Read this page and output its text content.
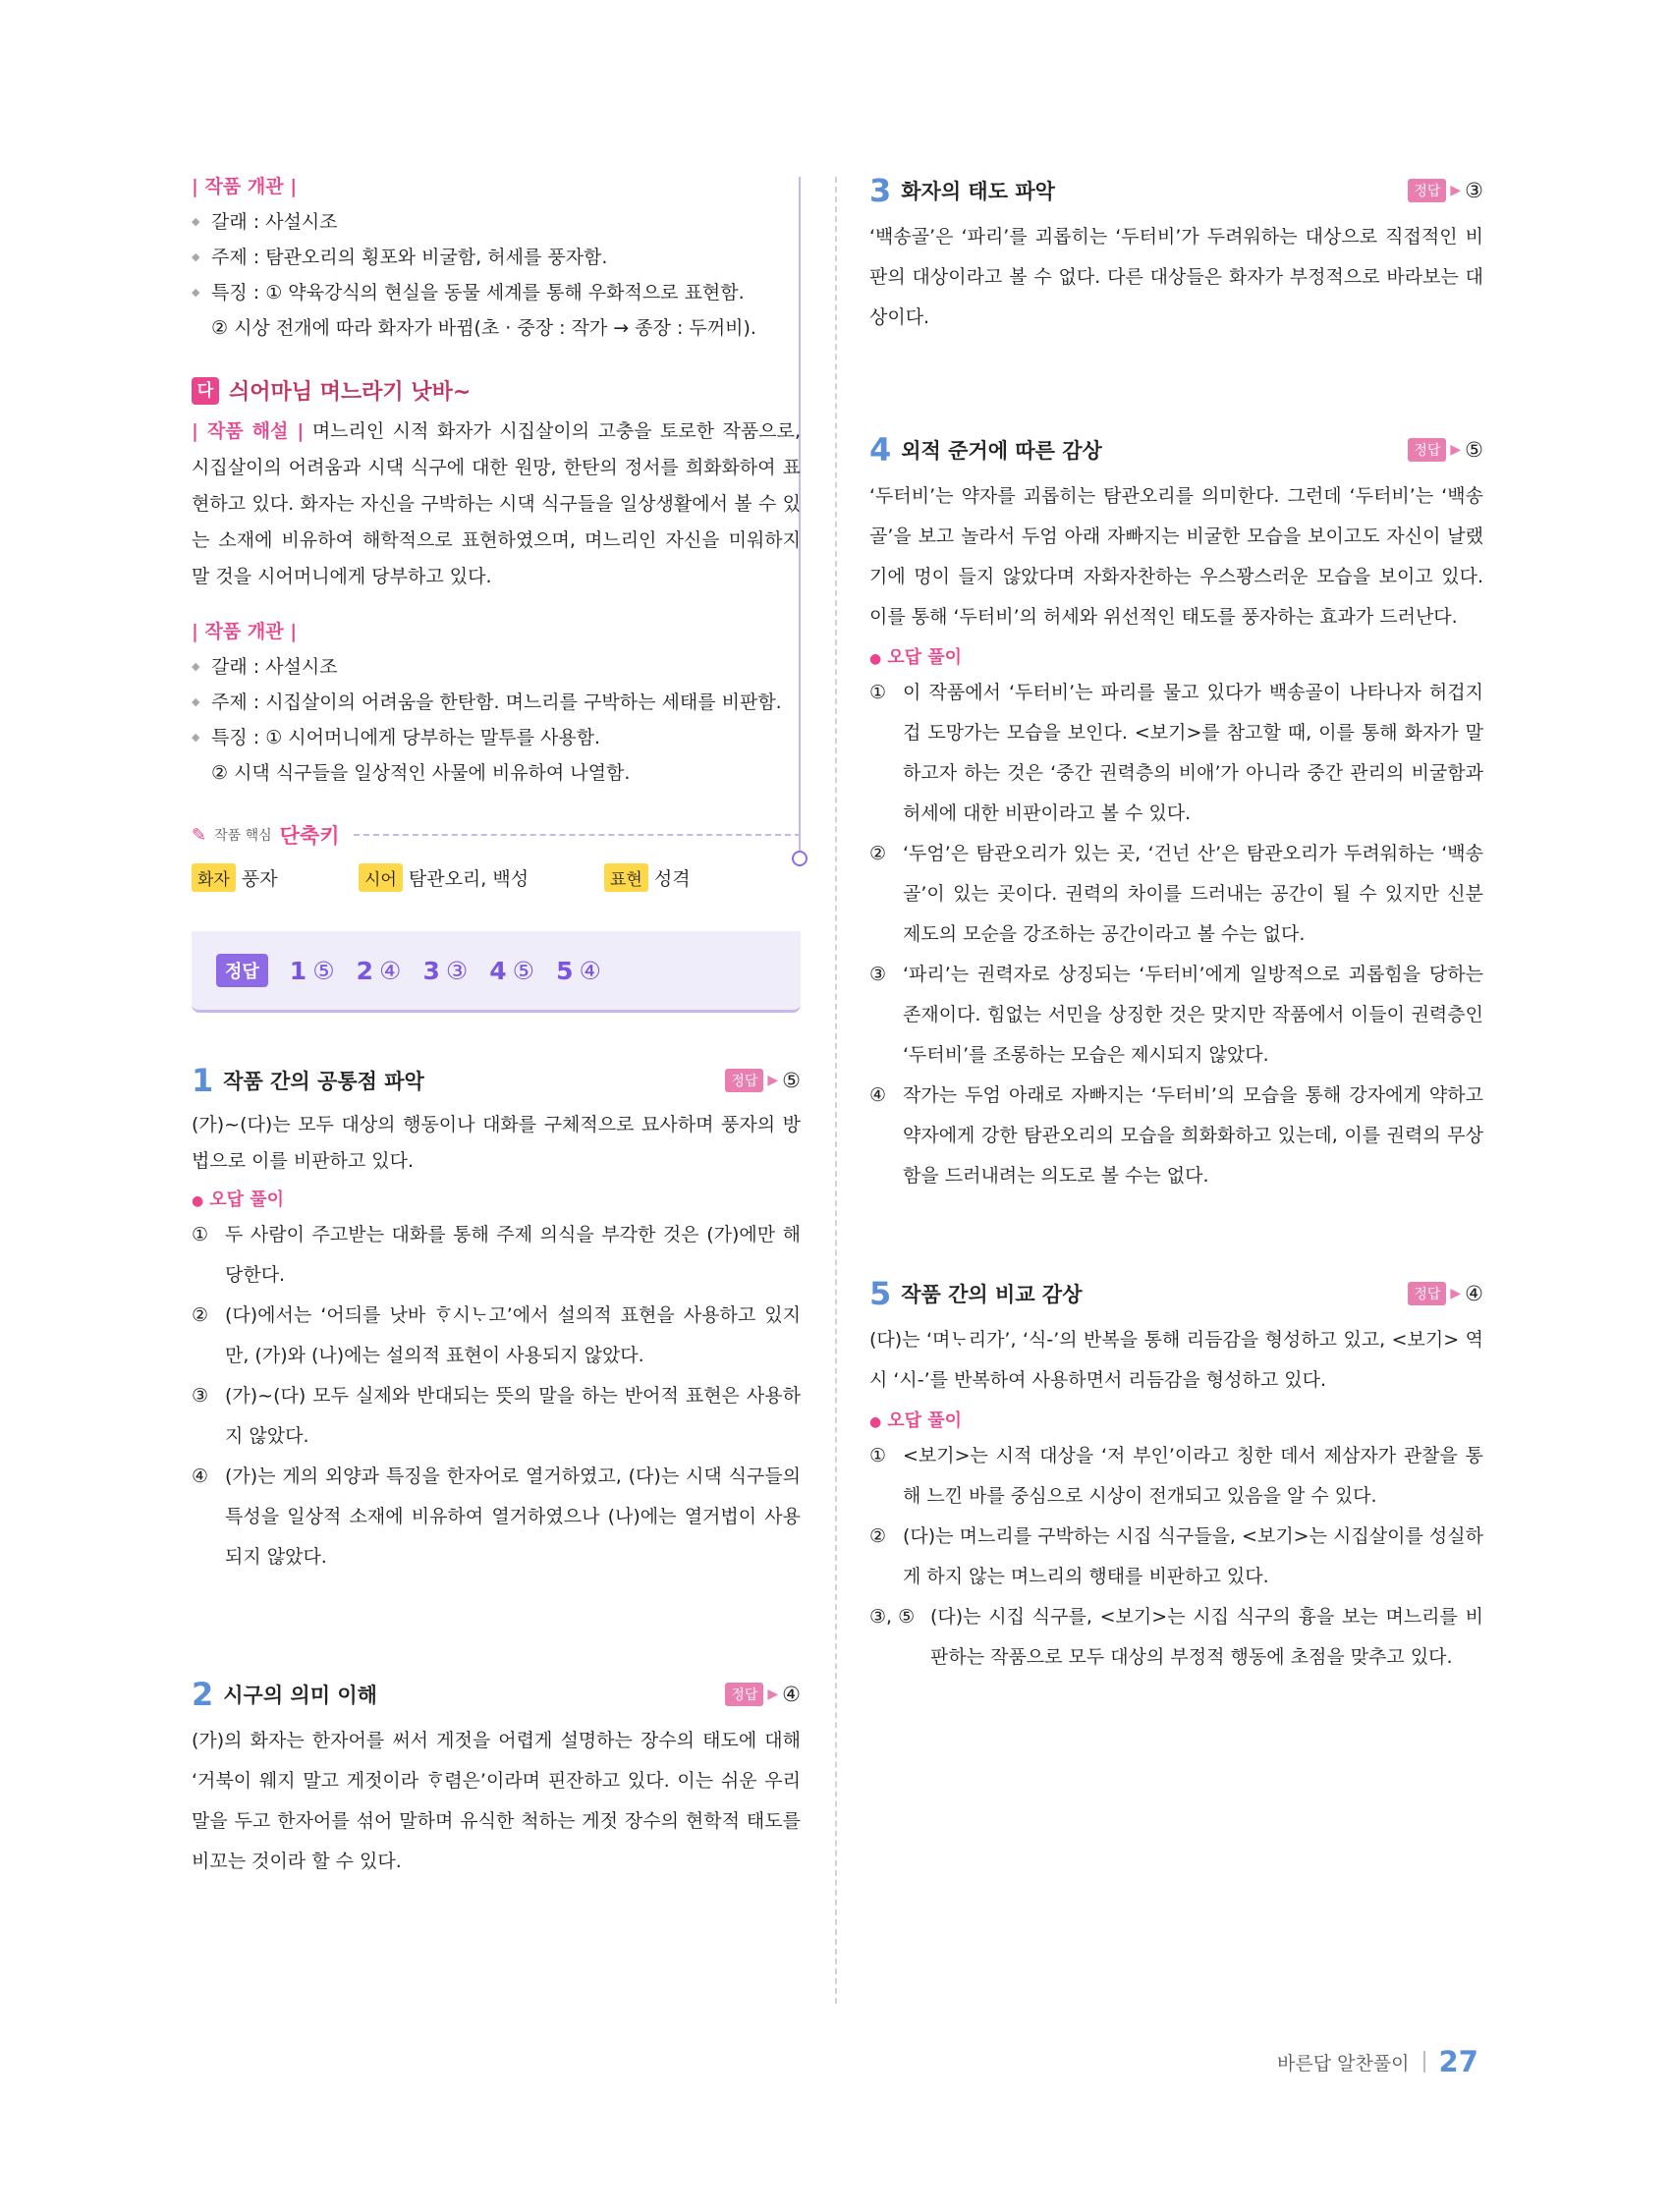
| 작품 개관 |
◆ 갈래 : 사설시조
◆ 주제 : 탐관오리의 횡포와 비굴함, 허세를 풍자함.
◆ 특징 : ① 약육강식의 현실을 동물 세계를 통해 우화적으로 표현함.
② 시상 전개에 따라 화자가 바뀜(초 · 중장 : 작가 → 종장 : 두꺼비).
다 싀어마님 며느라기 낫바~

| 작품 해설 | 며느리인 시적 화자가 시집살이의 고충을 토로한 작품으로, 시집살이의 어려움과 시댁 식구에 대한 원망, 한탄의 정서를 희화화하여 표현하고 있다. 화자는 자신을 구박하는 시댁 식구들을 일상생활에서 볼 수 있는 소재에 비유하여 해학적으로 표현하였으며, 며느리인 자신을 미워하지 말 것을 시어머니에게 당부하고 있다.

| 작품 개관 |
◆ 갈래 : 사설시조
◆ 주제 : 시집살이의 어려움을 한탄함. 며느리를 구박하는 세태를 비판함.
◆ 특징 : ① 시어머니에게 당부하는 말투를 사용함.
② 시댁 식구들을 일상적인 사물에 비유하여 나열함.
✎ 작품 핵심 단축키
화자 풍자	시어 탐관오리, 백성	표현 성격
정답	1 ⑤ 2 ④ 3 ③ 4 ⑤ 5 ④
1 작품 간의 공통점 파악	정답 ▶ ⑤

(가)~(다)는 모두 대상의 행동이나 대화를 구체적으로 묘사하며 풍자의 방법으로 이를 비판하고 있다.

● 오답 풀이
① 두 사람이 주고받는 대화를 통해 주제 의식을 부각한 것은 (가)에만 해당한다.
② (다)에서는 ‘어듸를 낫바 ᄒᆞ시ᄂᆞ고’에서 설의적 표현을 사용하고 있지만, (가)와 (나)에는 설의적 표현이 사용되지 않았다.
③ (가)~(다) 모두 실제와 반대되는 뜻의 말을 하는 반어적 표현은 사용하지 않았다.
④ (가)는 게의 외양과 특징을 한자어로 열거하였고, (다)는 시댁 식구들의 특성을 일상적 소재에 비유하여 열거하였으나 (나)에는 열거법이 사용되지 않았다.
2 시구의 의미 이해	정답 ▶ ④

(가)의 화자는 한자어를 써서 게젓을 어렵게 설명하는 장수의 태도에 대해 ‘거북이 웨지 말고 게젓이라 ᄒᆞ렴은’이라며 핀잔하고 있다. 이는 쉬운 우리말을 두고 한자어를 섞어 말하며 유식한 척하는 게젓 장수의 현학적 태도를 비꼬는 것이라 할 수 있다.

3 화자의 태도 파악	정답 ▶ ③

‘백송골’은 ‘파리’를 괴롭히는 ‘두터비’가 두려워하는 대상으로 직접적인 비판의 대상이라고 볼 수 없다. 다른 대상들은 화자가 부정적으로 바라보는 대상이다.

4 외적 준거에 따른 감상	정답 ▶ ⑤

‘두터비’는 약자를 괴롭히는 탐관오리를 의미한다. 그런데 ‘두터비’는 ‘백송골’을 보고 놀라서 두엄 아래 자빠지는 비굴한 모습을 보이고도 자신이 날랬기에 멍이 들지 않았다며 자화자찬하는 우스꽝스러운 모습을 보이고 있다. 이를 통해 ‘두터비’의 허세와 위선적인 태도를 풍자하는 효과가 드러난다.

● 오답 풀이
① 이 작품에서 ‘두터비’는 파리를 물고 있다가 백송골이 나타나자 허겁지겁 도망가는 모습을 보인다. <보기>를 참고할 때, 이를 통해 화자가 말하고자 하는 것은 ‘중간 권력층의 비애’가 아니라 중간 관리의 비굴함과 허세에 대한 비판이라고 볼 수 있다.
② ‘두엄’은 탐관오리가 있는 곳, ‘건넌 산’은 탐관오리가 두려워하는 ‘백송골’이 있는 곳이다. 권력의 차이를 드러내는 공간이 될 수 있지만 신분 제도의 모순을 강조하는 공간이라고 볼 수는 없다.
③ ‘파리’는 권력자로 상징되는 ‘두터비’에게 일방적으로 괴롭힘을 당하는 존재이다. 힘없는 서민을 상징한 것은 맞지만 작품에서 이들이 권력층인 ‘두터비’를 조롱하는 모습은 제시되지 않았다.
④ 작가는 두엄 아래로 자빠지는 ‘두터비’의 모습을 통해 강자에게 약하고 약자에게 강한 탐관오리의 모습을 희화화하고 있는데, 이를 권력의 무상함을 드러내려는 의도로 볼 수는 없다.
5 작품 간의 비교 감상	정답 ▶ ④

(다)는 ‘며ᄂᆞ리가’, ‘식-’의 반복을 통해 리듬감을 형성하고 있고, <보기> 역시 ‘시-’를 반복하여 사용하면서 리듬감을 형성하고 있다.

● 오답 풀이
① <보기>는 시적 대상을 ‘저 부인’이라고 칭한 데서 제삼자가 관찰을 통해 느낀 바를 중심으로 시상이 전개되고 있음을 알 수 있다.
② (다)는 며느리를 구박하는 시집 식구들을, <보기>는 시집살이를 성실하게 하지 않는 며느리의 행태를 비판하고 있다.
③, ⑤ (다)는 시집 식구를, <보기>는 시집 식구의 흉을 보는 며느리를 비판하는 작품으로 모두 대상의 부정적 행동에 초점을 맞추고 있다.
바른답 알찬풀이 27
